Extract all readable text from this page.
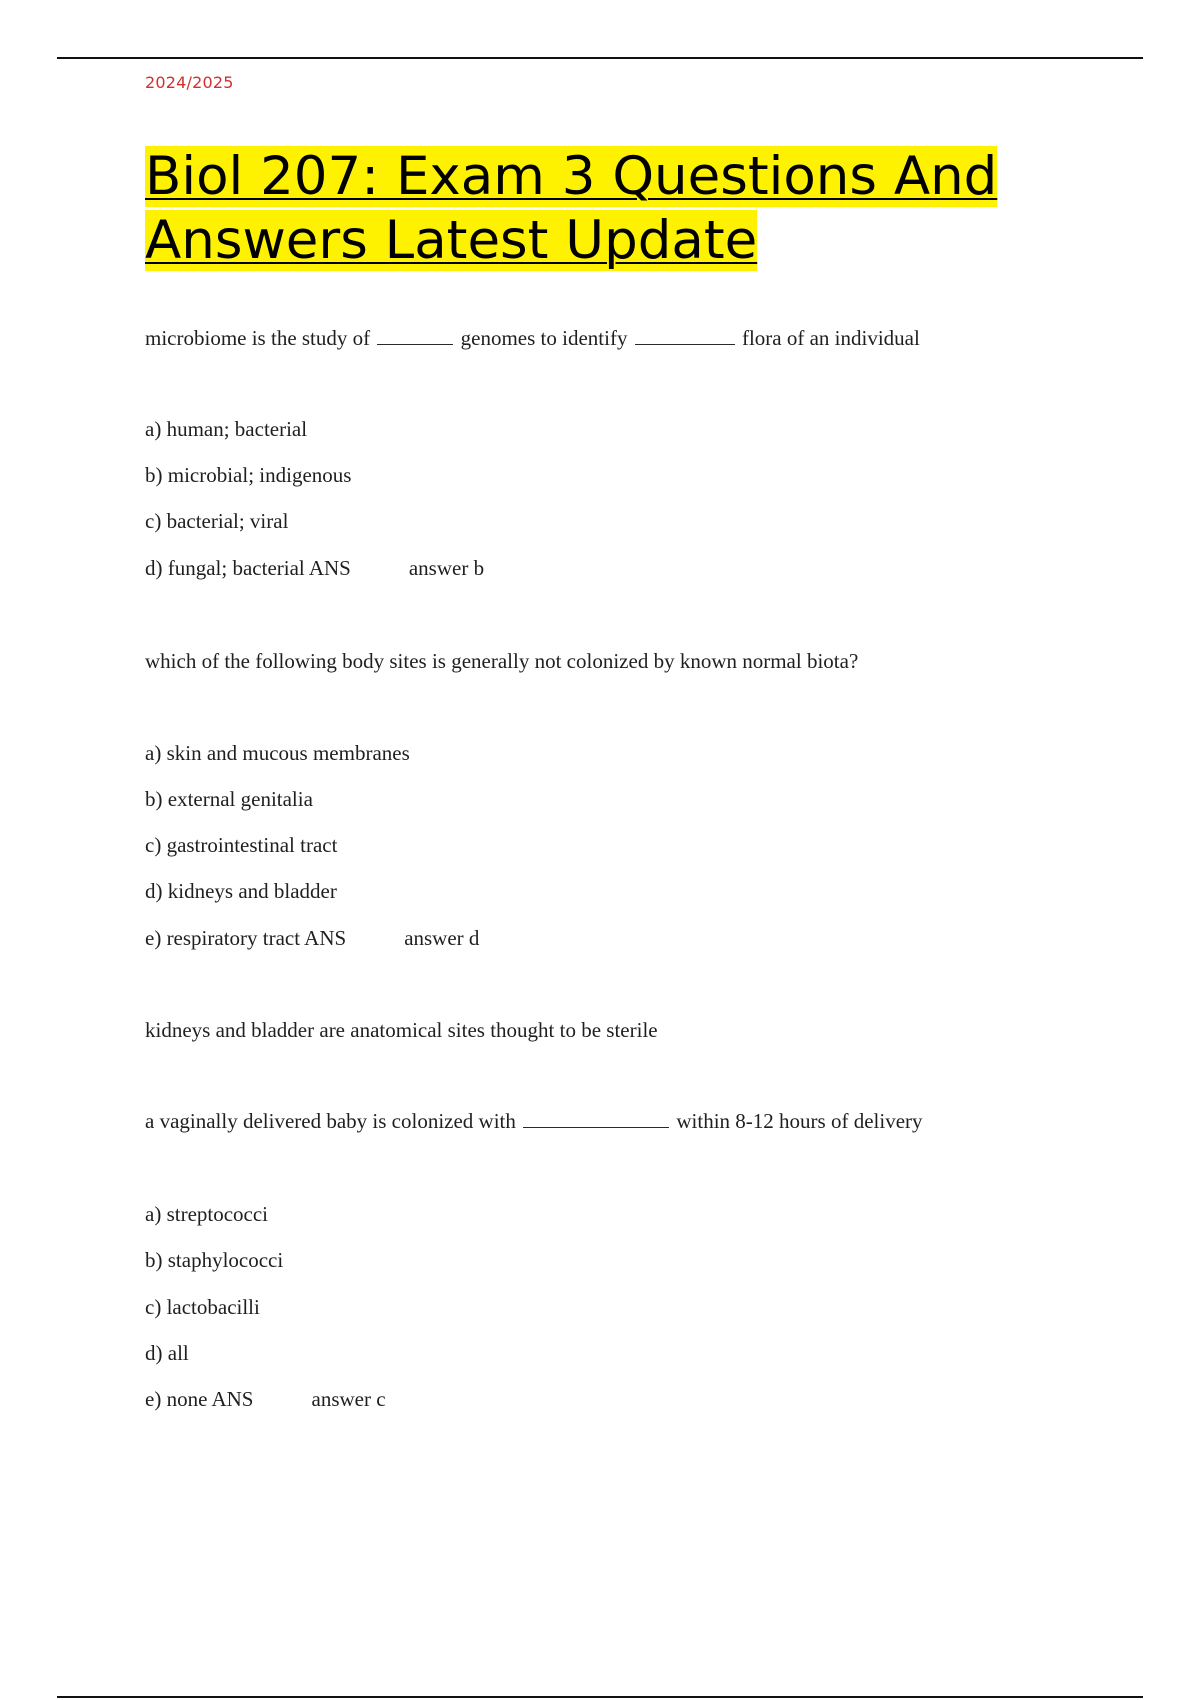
2024/2025
Biol 207: Exam 3 Questions And
Answers Latest Update
microbiome is the study of	genomes to identify	flora of an individual
a) human; bacterial
b) microbial; indigenous
c) bacterial; viral
d) fungal; bacterial ANS	answer b
which of the following body sites is generally not colonized by known normal biota?
a) skin and mucous membranes
b) external genitalia
c) gastrointestinal tract
d) kidneys and bladder
e) respiratory tract ANS	answer d
kidneys and bladder are anatomical sites thought to be sterile
a vaginally delivered baby is colonized with	within 8-12 hours of delivery
a) streptococci
b) staphylococci
c) lactobacilli
d) all
e) none ANS	answer c
